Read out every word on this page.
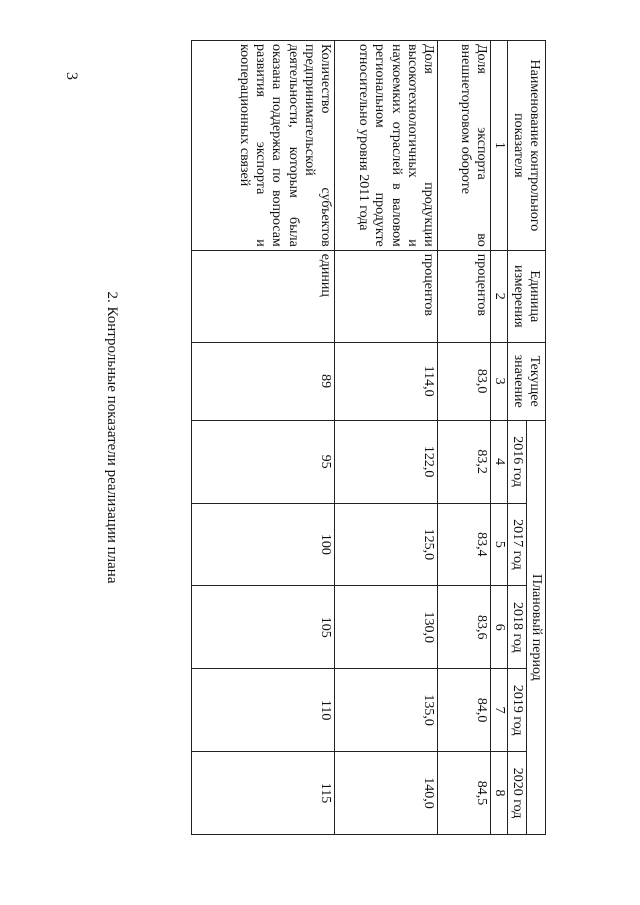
3
2. Контрольные показатели реализации плана
Наименование контрольного показателя	Единица измерения	Текущее значение	Плановый период				
			2016 год	2017 год	2018 год	2019 год	2020 год
1	2	3	4	5	6	7	8
Доля экспорта во внешнеторговом обороте	процентов	83,0	83,2	83,4	83,6	84,0	84,5
Доля продукции высокотехнологичных и наукоемких отраслей в валовом региональном продукте относительно уровня 2011 года	процентов	114,0	122,0	125,0	130,0	135,0	140,0
Количество субъектов предпринимательской деятельности, которым была оказана поддержка по вопросам развития экспорта и кооперационных связей	единиц	89	95	100	105	110	115
